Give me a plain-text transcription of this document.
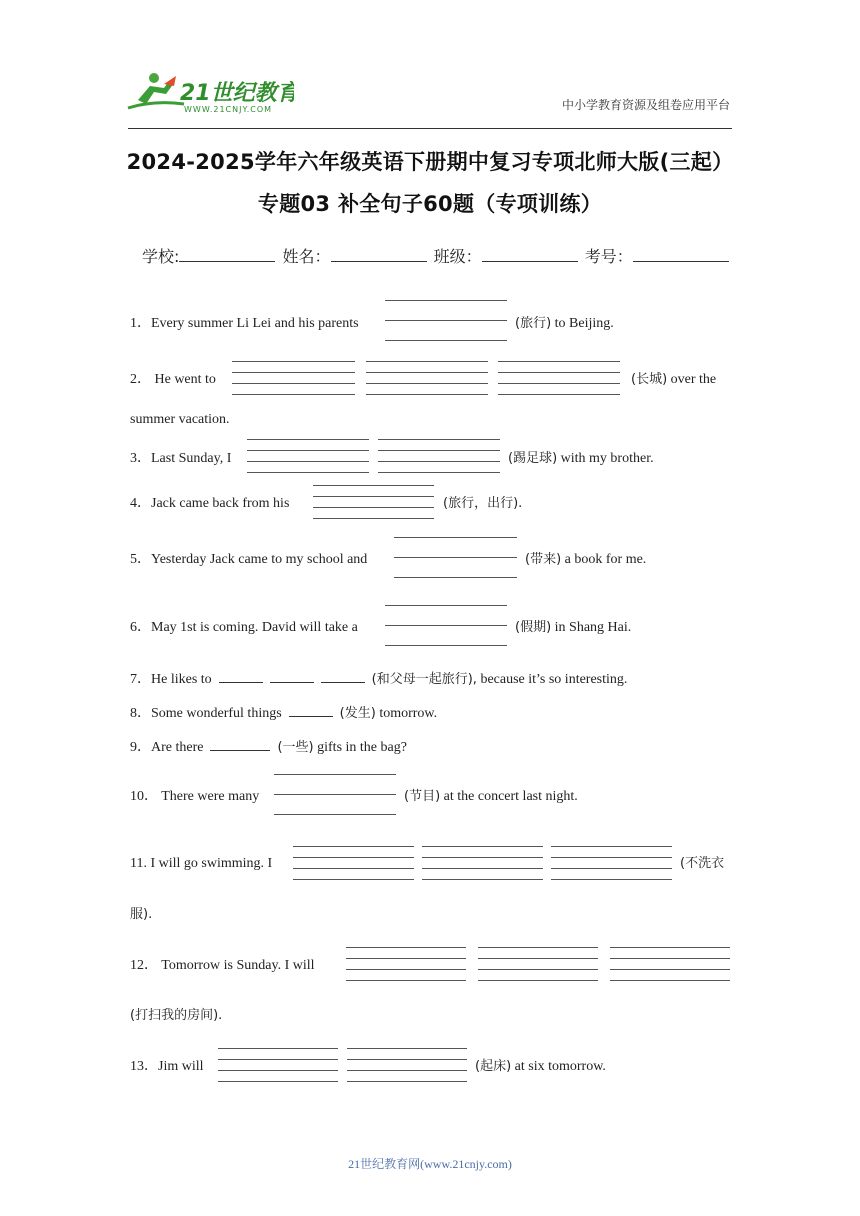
21世纪教育
WWW.21CNJY.COM	中小学教育资源及组卷应用平台
2024-2025学年六年级英语下册期中复习专项北师大版(三起）
专题03 补全句子60题（专项训练）
学校:	姓名：	班级：	考号：
1．Every summer Li Lei and his parents	(旅行) to Beijing.
2． He went to	(长城) over the
summer vacation.
3．Last Sunday, I	(踢足球) with my brother.
4．Jack came back from his	(旅行，出行).
5．Yesterday Jack came to my school and	(带来) a book for me.
6．May 1st is coming. David will take a	(假期) in Shang Hai.
7．He likes to	(和父母一起旅行), because it’s so interesting.
8．Some wonderful things	(发生) tomorrow.
9．Are there	(一些) gifts in the bag?
10． There were many	(节目) at the concert last night.
11. I will go swimming. I	(不洗衣
服).
12． Tomorrow is Sunday. I will
(打扫我的房间).
13．Jim will	(起床) at six tomorrow.
21世纪教育网(www.21cnjy.com)
